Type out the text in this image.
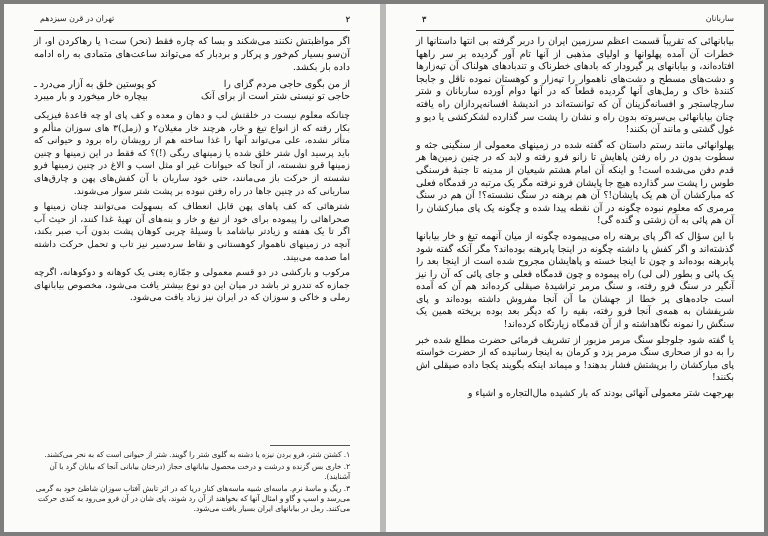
تهران در قرن سیزدهم	۲

اگر مواظبتش نکنند می‌شکند و بسا که چاره فقط (نحر) ست۱ یا رهاکردن او، از آن‌سو بسیار کم‌خور و پرکار و بردبار که می‌تواند ساعت‌های متمادی به راه ادامه داده بار بکشد.

از من بگوی حاجی مردم گزای را
کو پوستین خلق به آزار می‌درد ـ
حاجی تو نیستی شتر است از برای آنک
بیچاره خار میخورد و بار میبرد

چنانکه معلوم نیست در خلقتش لب و دهان و معده و کف پای او چه قاعدهٔ فیزیکی بکار رفته که از انواع تیغ و خار، هرچند خار مغیلان۲ و (زمل)۳ های سوزان متألم و متأثر نشده، علی می‌تواند آنها را غذا ساخته هم از رویشان راه برود و حیوانی که باید پرسید اول شتر خلق شده یا زمینهای ریگی (!)؟ که فقط در این زمینها و چنین زمینها قرو نشسته، از آنجا که حیوانات غیر او مثل اسب و الاغ در چنین زمینها فرو نشسته از حرکت باز می‌مانند، حتی خود ساربان با آن کفش‌های پهن و چارق‌های ساربانی که در چنین جاها در راه رفتن نبوده بر پشت شتر سوار می‌شوند.

شترهائی که کف پاهای پهن قابل انعطاف که بسهولت می‌توانند چنان زمینها و صحراهائی را پیموده برای خود از تیغ و خار و بنه‌های آن تهیهٔ غذا کنند، از حیث آب اگر تا یک هفته و زیادتر نیاشامد با وسیلهٔ چربی کوهان پشت بدون آب صبر بکند، آنچه در زمینهای ناهموار کوهستانی و نقاط سردسیر نیز تاب و تحمل حرکت داشته اما صدمه می‌بیند.

مرکوب و بارکشی در دو قسم معمولی و جمّازه یعنی یک کوهانه و دوکوهانه، اگرچه جمازه که تندرو تر باشد در میان این دو نوع بیشتر یافت می‌شود، مخصوص بیابانهای رملی و خاکی و سوزان که در ایران نیز زیاد یافت می‌شود.

۱. کشتن شتر، فرو بردن نیزه یا دشنه به گلوی شتر را گویند. شتر از حیوانی است که به نحر می‌کشند.

۲. خاری بس گزنده و درشت و درخت محصول بیابانهای حجاز (درختان بیابانی آنجا که بیابان گرد با آن آشنایند).

۳. ریگ و ماسهٔ نرم. ماسه‌ای شبیه ماسه‌های کنار دریا که در اثر تابش آفتاب سوزان شاطئ خود به گرمی می‌رسد و اسپ و گاو و امثال آنها که بخواهند از آن رد شوند، پای شان در آن فرو می‌رود به کندی حرکت می‌کنند. رمل در بیابانهای ایران بسیار یافت می‌شود.

ساربانان
۳

بیابانهائی که تقریباً قسمت اعظم سرزمین ایران را دربر گرفته بی انتها داستانها از خطرات آن آمده پهلوانها و اولیای مذهبی از آنها تام آور گردیده بر سر راهها افتاده‌اند، و بیابانهای پر گیرودار که بادهای خطرناک و تندبادهای هولناک آن تپه‌زارها و دشت‌های مسطح و دشت‌های ناهموار را تپه‌زار و کوهستان نموده ناقل و جابجا کنندهٔ خاک و رمل‌های آنها گردیده قطعاً که در آنها دوام آورده ساربانان و شتر سارچاستجر و افسانه‌گزینان آن که توانسته‌اند در اندیشهٔ افسانه‌پردازان راه یافته چنان بیابانهائی بی‌سروته بدون راه و نشان را پشت سر گذارده لشکرکشی یا دیو و غول گشتی و مانند آن بکنند!

پهلوانهائی مانند رستم داستان که گفته شده در زمینهای معمولی از سنگینی جثه و سطوت بدون در راه رفتن پاهایش تا زانو فرو رفته و لابد که در چنین زمین‌ها هر قدم دفن می‌شده است! و اینکه آن امام هشتم شیعیان از مدینه تا جنبهٔ فرسنگی طوس را پشت سر گذارده هیچ جا پایشان فرو نرفته مگر یک مرتبه در قدمگاه فعلی که مبارکشان آن هم یک پایشان!؟ آن هم برهنه در سنگ نشسته؟! آن هم در سنگ مرمری که معلوم نبوده چگونه در آن نقطه پیدا شده و چگونه یک پای مبارکشان را آن هم پائی به آن زشتی و گنده گی!

با این سؤال که اگر پای برهنه راه می‌پیموده چگونه از میان آنهمه تیغ و خار بیابانها گذشته‌اند و اگر کفش پا داشته چگونه در اینجا پابرهنه بوده‌اند؟ مگر آنکه گفته شود پابرهنه بوده‌اند و چون تا اینجا خسته و پاهایشان مجروح شده است از اینجا بعد را یک پائی و بطور (لی لی) راه پیموده و چون قدمگاه فعلی و جای پائی که آن را نیز آنگیر در سنگ فرو رفته، و سنگ مرمر تراشیدهٔ صیقلی کرده‌اند هم آن که آمده است جاده‌های پر خطا از جهشان ما آن آنجا مفروش داشته بوده‌اند و پای شریفشان به همه‌ی آنجا فرو رفته، بقیه را که دیگر بعد بوده بریخته همین یک سنگش را نمونه نگاهداشته و از آن قدمگاه زیارتگاه کرده‌اند!

یا گفته شود جلوجلو سنگ مرمر مزبور از تشریف فرمائی حضرت مطلع شده خبر را به دو از صحاری سنگ مرمر یزد و کرمان به اینجا رسانیده که از حضرت خواسته پای مبارکشان را برپشتش فشار بدهند! و میماند اینکه بگویند یکجا داده صیقلی اش بکنند!

بهرجهت شتر معمولی آنهائی بودند که بار کشیده مال‌التجاره و اشیاء و
